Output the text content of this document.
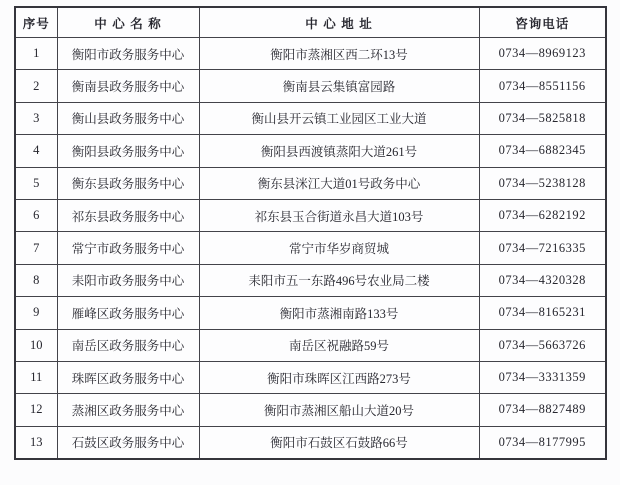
序号	中 心 名 称	中 心 地 址	咨询电话
1	衡阳市政务服务中心	衡阳市蒸湘区西二环13号	0734—8969123
2	衡南县政务服务中心	衡南县云集镇富园路	0734—8551156
3	衡山县政务服务中心	衡山县开云镇工业园区工业大道	0734—5825818
4	衡阳县政务服务中心	衡阳县西渡镇蒸阳大道261号	0734—6882345
5	衡东县政务服务中心	衡东县洣江大道01号政务中心	0734—5238128
6	祁东县政务服务中心	祁东县玉合街道永昌大道103号	0734—6282192
7	常宁市政务服务中心	常宁市华岁商贸城	0734—7216335
8	耒阳市政务服务中心	耒阳市五一东路496号农业局二楼	0734—4320328
9	雁峰区政务服务中心	衡阳市蒸湘南路133号	0734—8165231
10	南岳区政务服务中心	南岳区祝融路59号	0734—5663726
11	珠晖区政务服务中心	衡阳市珠晖区江西路273号	0734—3331359
12	蒸湘区政务服务中心	衡阳市蒸湘区船山大道20号	0734—8827489
13	石鼓区政务服务中心	衡阳市石鼓区石鼓路66号	0734—8177995
